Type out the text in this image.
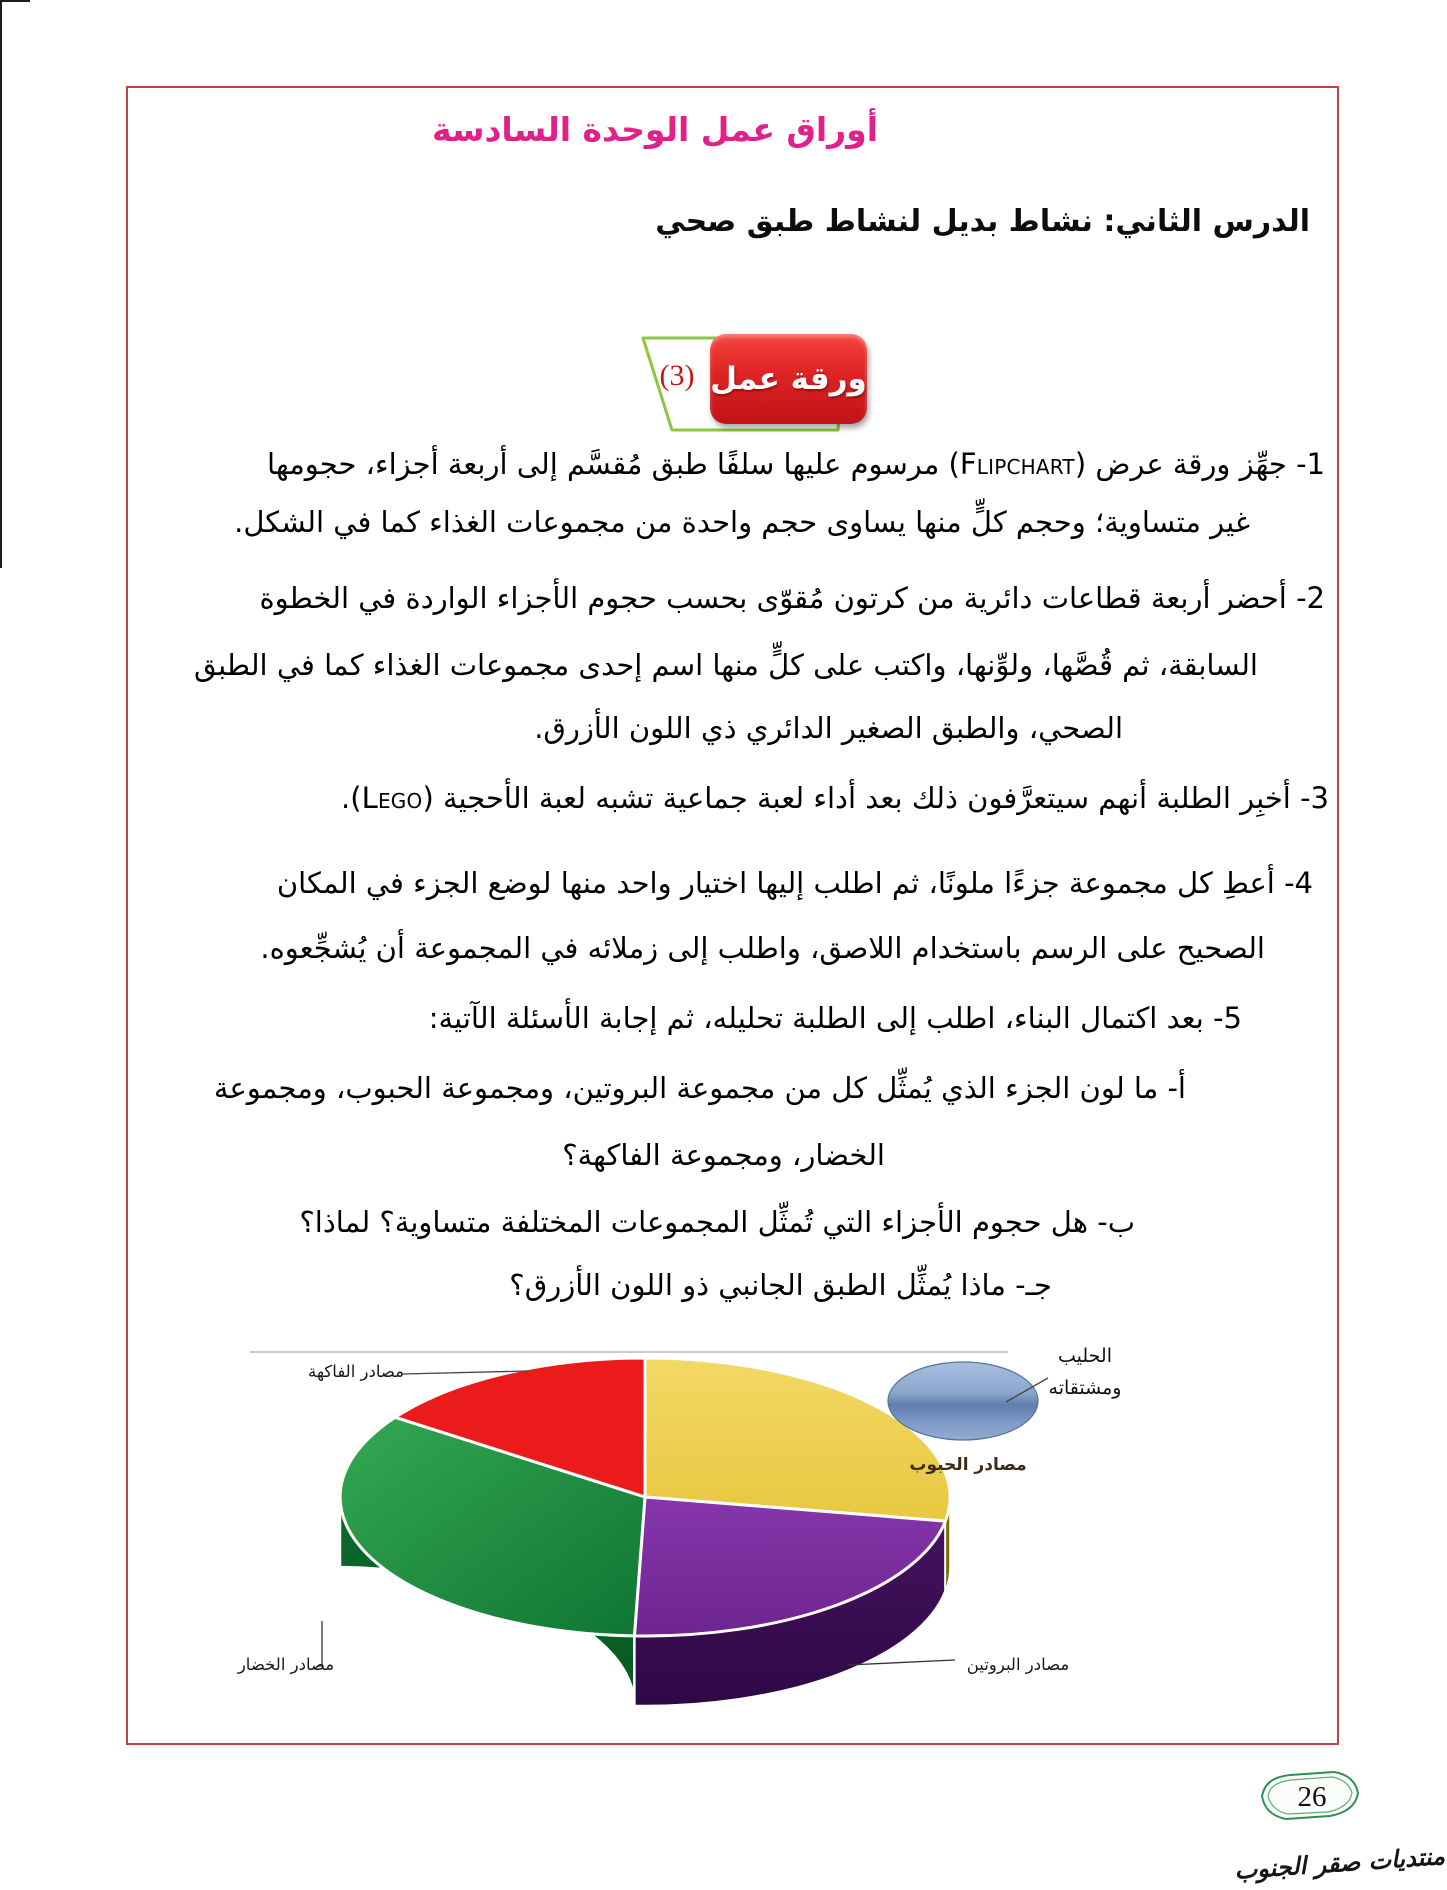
أوراق عمل الوحدة السادسة
الدرس الثاني: نشاط بديل لنشاط طبق صحي
ورقة عمل
(3)
1- جهِّز ورقة عرض (Flipchart) مرسوم عليها سلفًا طبق مُقسَّم إلى أربعة أجزاء، حجومها
غير متساوية؛ وحجم كلٍّ منها يساوى حجم واحدة من مجموعات الغذاء كما في الشكل.
2- أحضر أربعة قطاعات دائرية من كرتون مُقوّى بحسب حجوم الأجزاء الواردة في الخطوة
السابقة، ثم قُصَّها، ولوِّنها، واكتب على كلٍّ منها اسم إحدى مجموعات الغذاء كما في الطبق
الصحي، والطبق الصغير الدائري ذي اللون الأزرق.
3- أخبِر الطلبة أنهم سيتعرَّفون ذلك بعد أداء لعبة جماعية تشبه لعبة الأحجية (Lego).
4- أعطِ كل مجموعة جزءًا ملونًا، ثم اطلب إليها اختيار واحد منها لوضع الجزء في المكان
الصحيح على الرسم باستخدام اللاصق، واطلب إلى زملائه في المجموعة أن يُشجِّعوه.
5- بعد اكتمال البناء، اطلب إلى الطلبة تحليله، ثم إجابة الأسئلة الآتية:
أ- ما لون الجزء الذي يُمثِّل كل من مجموعة البروتين، ومجموعة الحبوب، ومجموعة
الخضار، ومجموعة الفاكهة؟
ب- هل حجوم الأجزاء التي تُمثِّل المجموعات المختلفة متساوية؟ لماذا؟
جـ- ماذا يُمثِّل الطبق الجانبي ذو اللون الأزرق؟
مصادر الفاكهة
الحليب
ومشتقاته
مصادر الحبوب
مصادر الخضار	مصادر البروتين
26
منتديات صقر الجنوب
